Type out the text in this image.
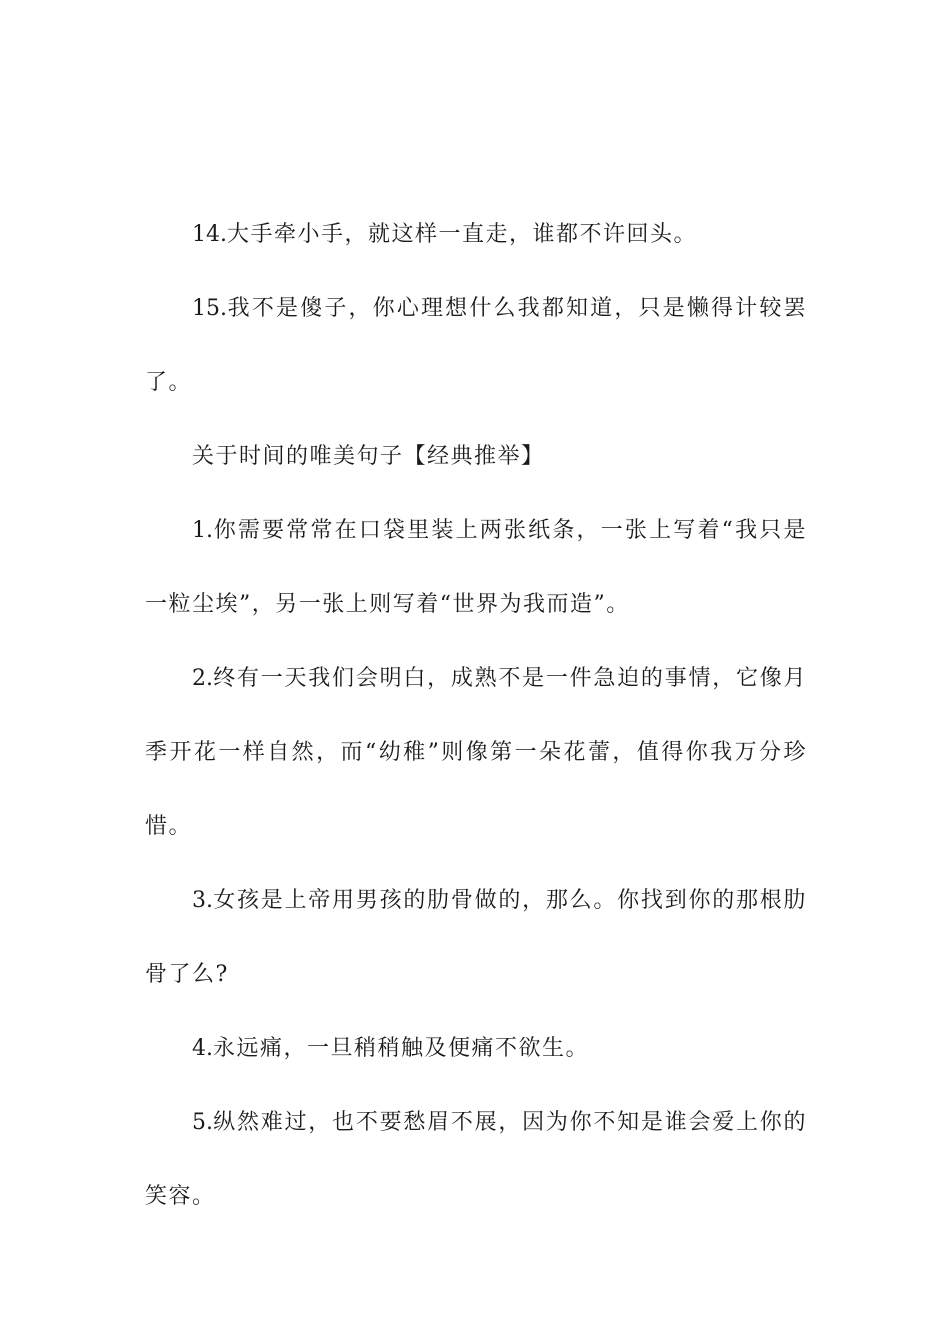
14.大手牵小手，就这样一直走，谁都不许回头。

15.我不是傻子，你心理想什么我都知道，只是懒得计较罢了。

关于时间的唯美句子【经典推举】

1.你需要常常在口袋里装上两张纸条，一张上写着“我只是一粒尘埃”，另一张上则写着“世界为我而造”。

2.终有一天我们会明白，成熟不是一件急迫的事情，它像月季开花一样自然，而“幼稚”则像第一朵花蕾，值得你我万分珍惜。

3.女孩是上帝用男孩的肋骨做的，那么。你找到你的那根肋骨了么?

4.永远痛，一旦稍稍触及便痛不欲生。

5.纵然难过，也不要愁眉不展，因为你不知是谁会爱上你的笑容。
